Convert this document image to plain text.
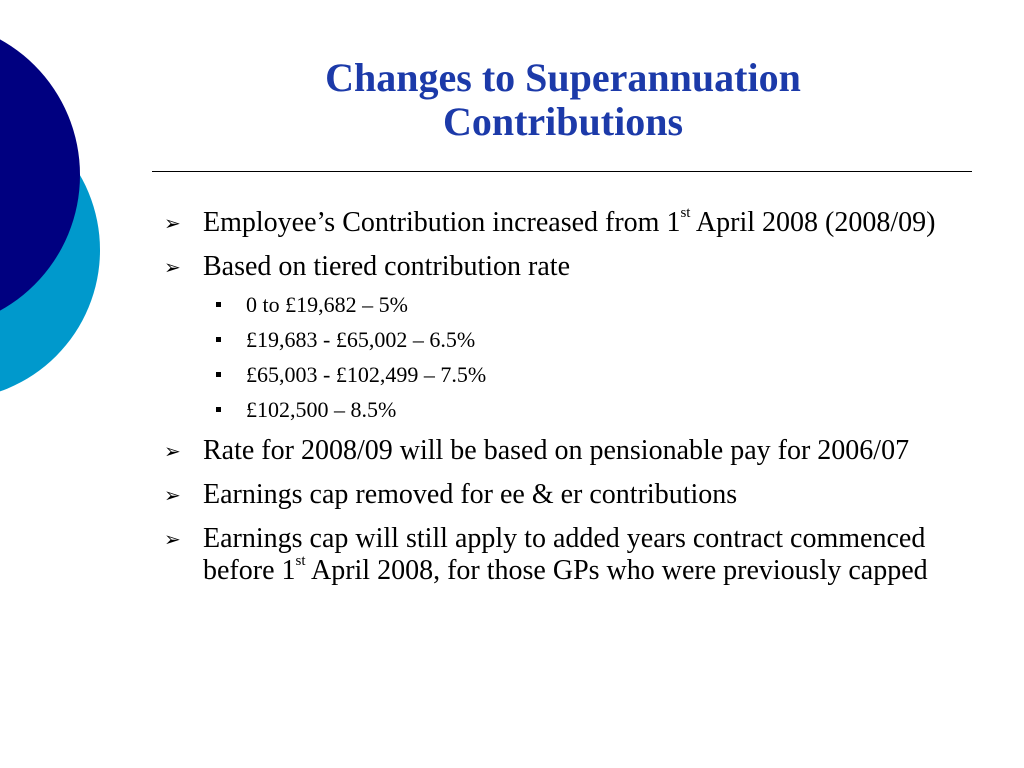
Changes to Superannuation
Contributions
➢ Employee’s Contribution increased from 1st April 2008 (2008/09)
➢ Based on tiered contribution rate
0 to £19,682 – 5%
£19,683 - £65,002 – 6.5%
£65,003 - £102,499 – 7.5%
£102,500 – 8.5%
➢ Rate for 2008/09 will be based on pensionable pay for 2006/07
➢ Earnings cap removed for ee & er contributions
➢ Earnings cap will still apply to added years contract commenced before 1st April 2008, for those GPs who were previously capped
